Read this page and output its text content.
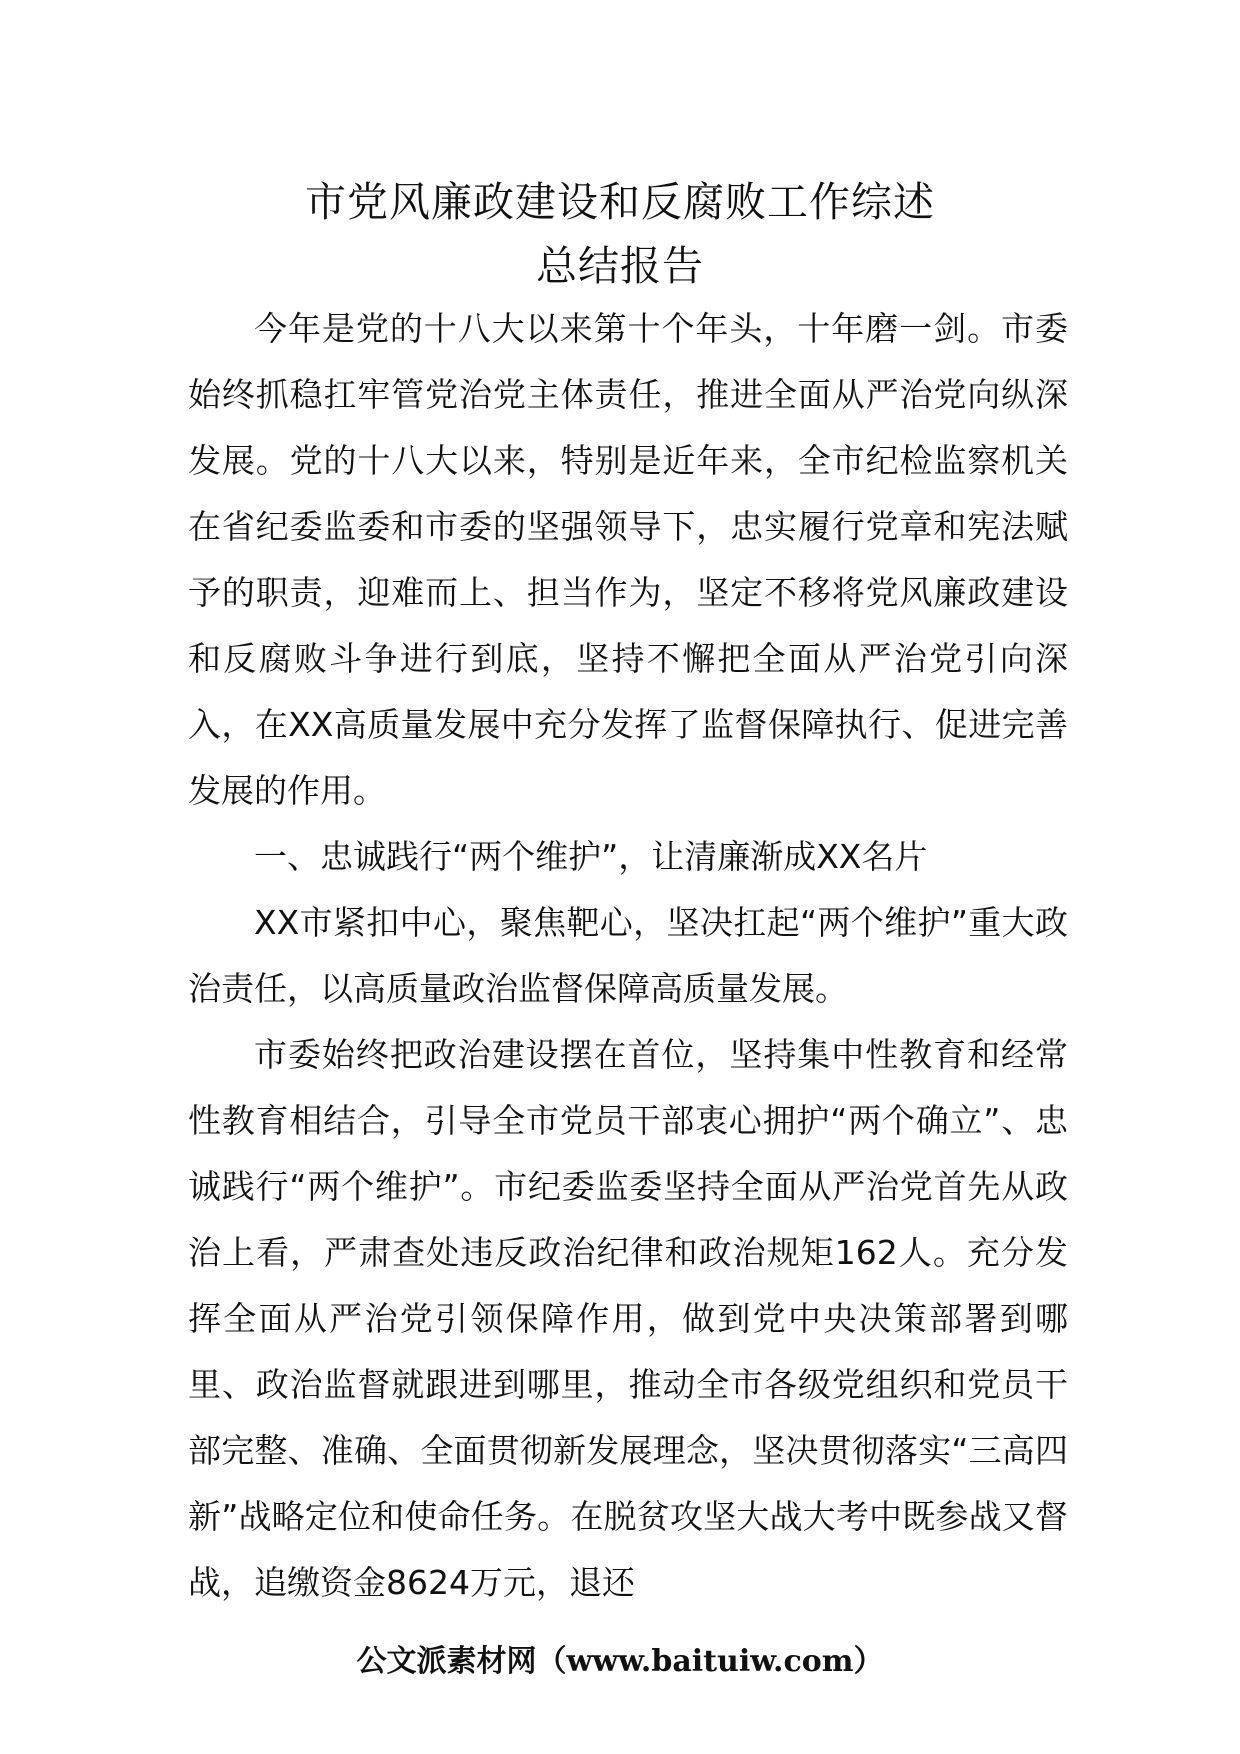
市党风廉政建设和反腐败工作综述
总结报告

今年是党的十八大以来第十个年头，十年磨一剑。市委始终抓稳扛牢管党治党主体责任，推进全面从严治党向纵深发展。党的十八大以来，特别是近年来，全市纪检监察机关在省纪委监委和市委的坚强领导下，忠实履行党章和宪法赋予的职责，迎难而上、担当作为，坚定不移将党风廉政建设和反腐败斗争进行到底，坚持不懈把全面从严治党引向深入，在XX高质量发展中充分发挥了监督保障执行、促进完善发展的作用。

一、忠诚践行“两个维护”，让清廉渐成XX名片

XX市紧扣中心，聚焦靶心，坚决扛起“两个维护”重大政治责任，以高质量政治监督保障高质量发展。

市委始终把政治建设摆在首位，坚持集中性教育和经常性教育相结合，引导全市党员干部衷心拥护“两个确立”、忠诚践行“两个维护”。市纪委监委坚持全面从严治党首先从政治上看，严肃查处违反政治纪律和政治规矩162人。充分发挥全面从严治党引领保障作用，做到党中央决策部署到哪里、政治监督就跟进到哪里，推动全市各级党组织和党员干部完整、准确、全面贯彻新发展理念，坚决贯彻落实“三高四新”战略定位和使命任务。在脱贫攻坚大战大考中既参战又督战，追缴资金8624万元，退还

公文派素材网（www.baituiw.com）
